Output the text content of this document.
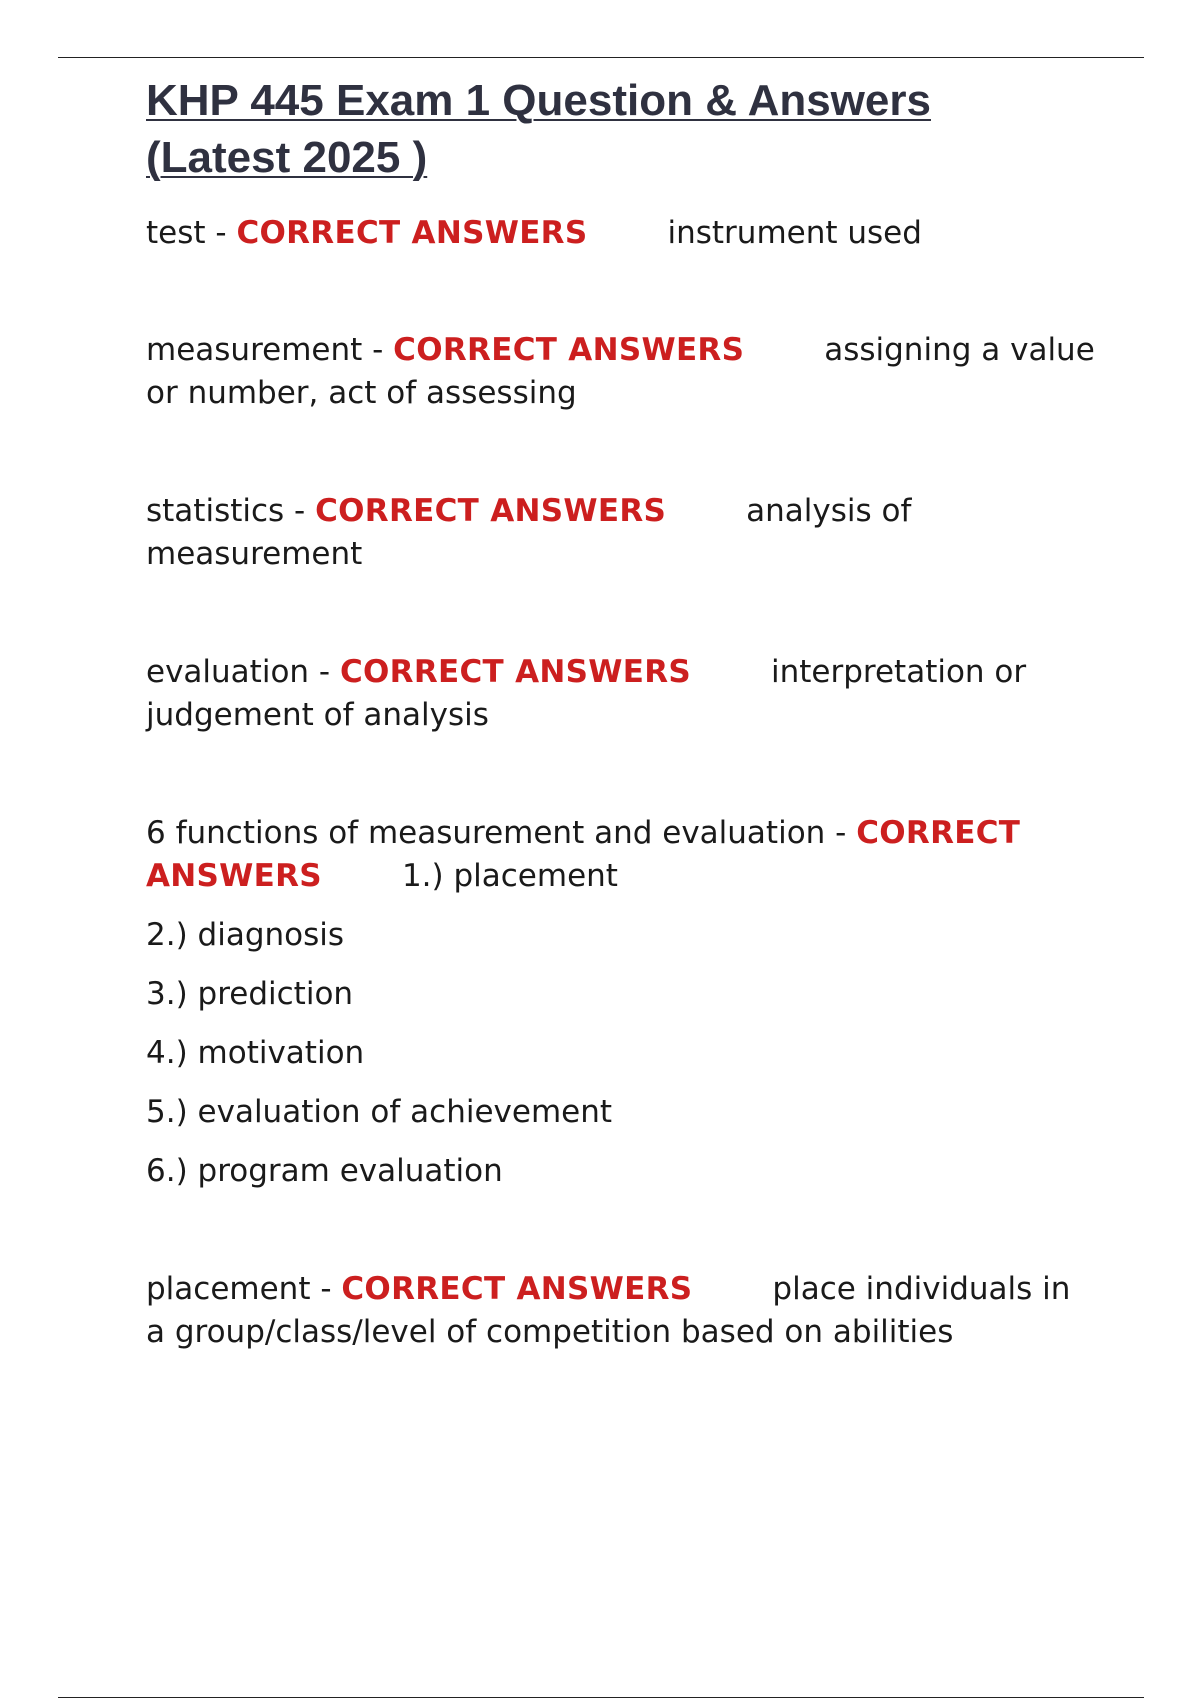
KHP 445 Exam 1 Question & Answers
(Latest 2025 )

test - CORRECT ANSWERS	instrument used

measurement - CORRECT ANSWERS	assigning a value or number, act of assessing

statistics - CORRECT ANSWERS	analysis of measurement

evaluation - CORRECT ANSWERS	interpretation or judgement of analysis

6 functions of measurement and evaluation - CORRECT ANSWERS	1.) placement

2.) diagnosis

3.) prediction

4.) motivation

5.) evaluation of achievement

6.) program evaluation

placement - CORRECT ANSWERS	place individuals in a group/class/level of competition based on abilities
